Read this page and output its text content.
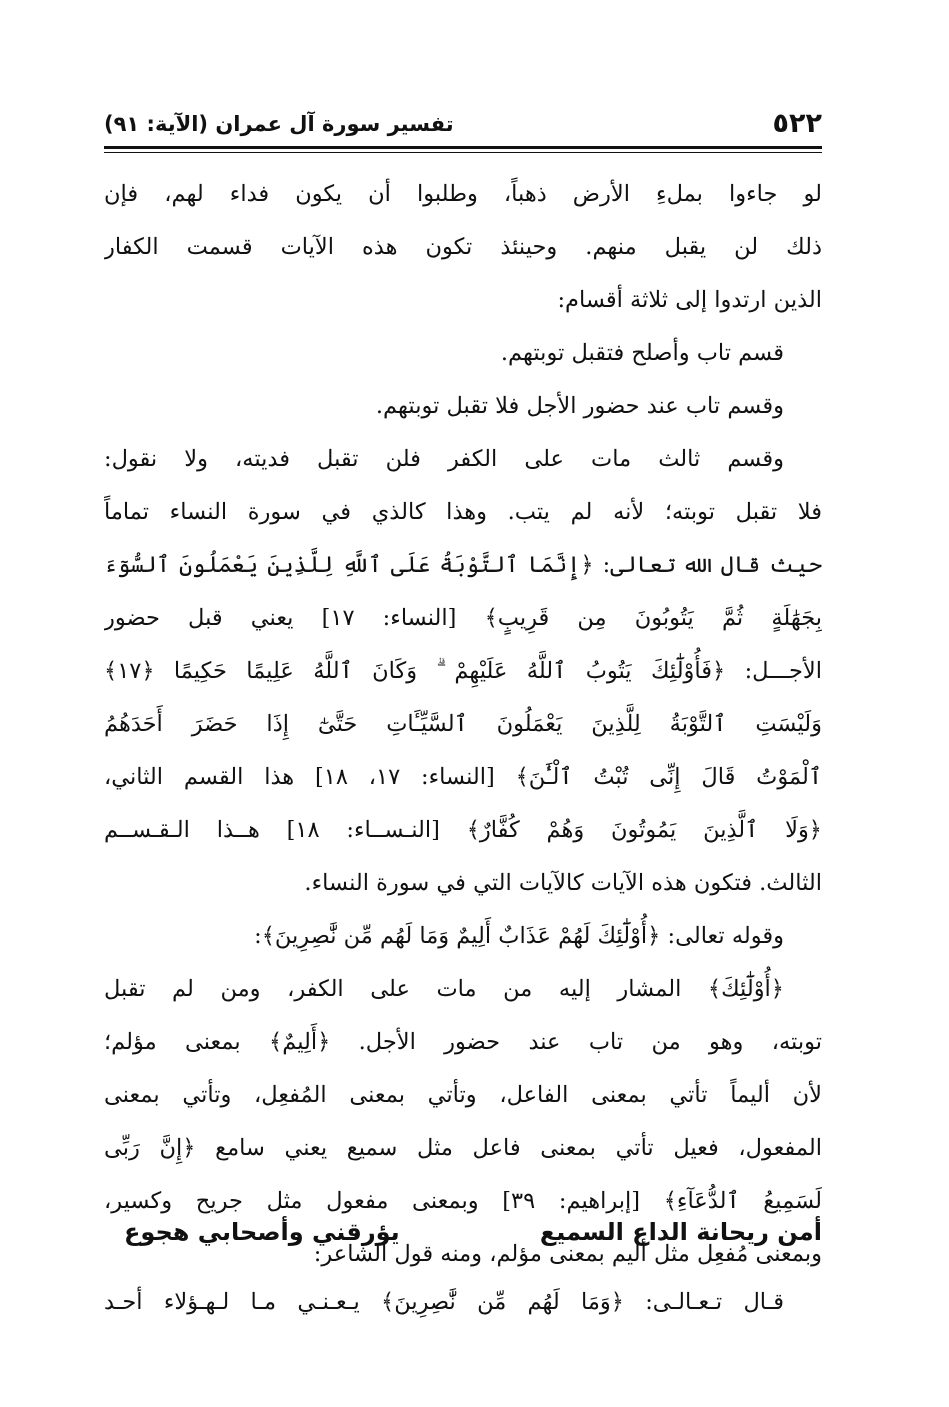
٥٢٢
تفسير سورة آل عمران (الآية: ٩١)
لو جاءوا بملءِ الأرض ذهباً، وطلبوا أن يكون فداء لهم، فإن
ذلك لن يقبل منهم. وحينئذ تكون هذه الآيات قسمت الكفار
الذين ارتدوا إلى ثلاثة أقسام:
قسم تاب وأصلح فتقبل توبتهم.
وقسم تاب عند حضور الأجل فلا تقبل توبتهم.
وقسم ثالث مات على الكفر فلن تقبل فديته، ولا نقول:
فلا تقبل توبته؛ لأنه لم يتب. وهذا كالذي في سورة النساء تماماً
حيث قال الله تعالى: ﴿إِنَّمَا ٱلتَّوْبَةُ عَلَى ٱللَّهِ لِلَّذِينَ يَعْمَلُونَ ٱلسُّوٓءَ
بِجَهَٰلَةٍ ثُمَّ يَتُوبُونَ مِن قَرِيبٍ﴾ [النساء: ١٧] يعني قبل حضور
الأجـــل: ﴿فَأُوْلَٰٓئِكَ يَتُوبُ ٱللَّهُ عَلَيْهِمْ ۗ وَكَانَ ٱللَّهُ عَلِيمًا حَكِيمًا ﴿١٧﴾
وَلَيْسَتِ ٱلتَّوْبَةُ لِلَّذِينَ يَعْمَلُونَ ٱلسَّيِّـَٔاتِ حَتَّىٰٓ إِذَا حَضَرَ أَحَدَهُمُ
ٱلْمَوْتُ قَالَ إِنِّى تُبْتُ ٱلْـَٰٔنَ﴾ [النساء: ١٧، ١٨] هذا القسم الثاني،
﴿وَلَا ٱلَّذِينَ يَمُوتُونَ وَهُمْ كُفَّارٌ﴾ [النـســاء: ١٨] هــذا الـقـســم
الثالث. فتكون هذه الآيات كالآيات التي في سورة النساء.
وقوله تعالى: ﴿أُوْلَٰٓئِكَ لَهُمْ عَذَابٌ أَلِيمٌ وَمَا لَهُم مِّن نَّٰصِرِينَ﴾:
﴿أُوْلَٰٓئِكَ﴾ المشار إليه من مات على الكفر، ومن لم تقبل
توبته، وهو من تاب عند حضور الأجل. ﴿أَلِيمٌ﴾ بمعنى مؤلم؛
لأن أليماً تأتي بمعنى الفاعل، وتأتي بمعنى المُفعِل، وتأتي بمعنى
المفعول، فعيل تأتي بمعنى فاعل مثل سميع يعني سامع ﴿إِنَّ رَبِّى
لَسَمِيعُ ٱلدُّعَآءِ﴾ [إبراهيم: ٣٩] وبمعنى مفعول مثل جريح وكسير،
وبمعنى مُفعِل مثل أليم بمعنى مؤلم، ومنه قول الشاعر:
أمن ريحانة الداع السميع
يؤرقني وأصحابي هجوع
قـال تـعـالـى: ﴿وَمَا لَهُم مِّن نَّٰصِرِينَ﴾ يـعـنـي مـا لـهـؤلاء أحـد
